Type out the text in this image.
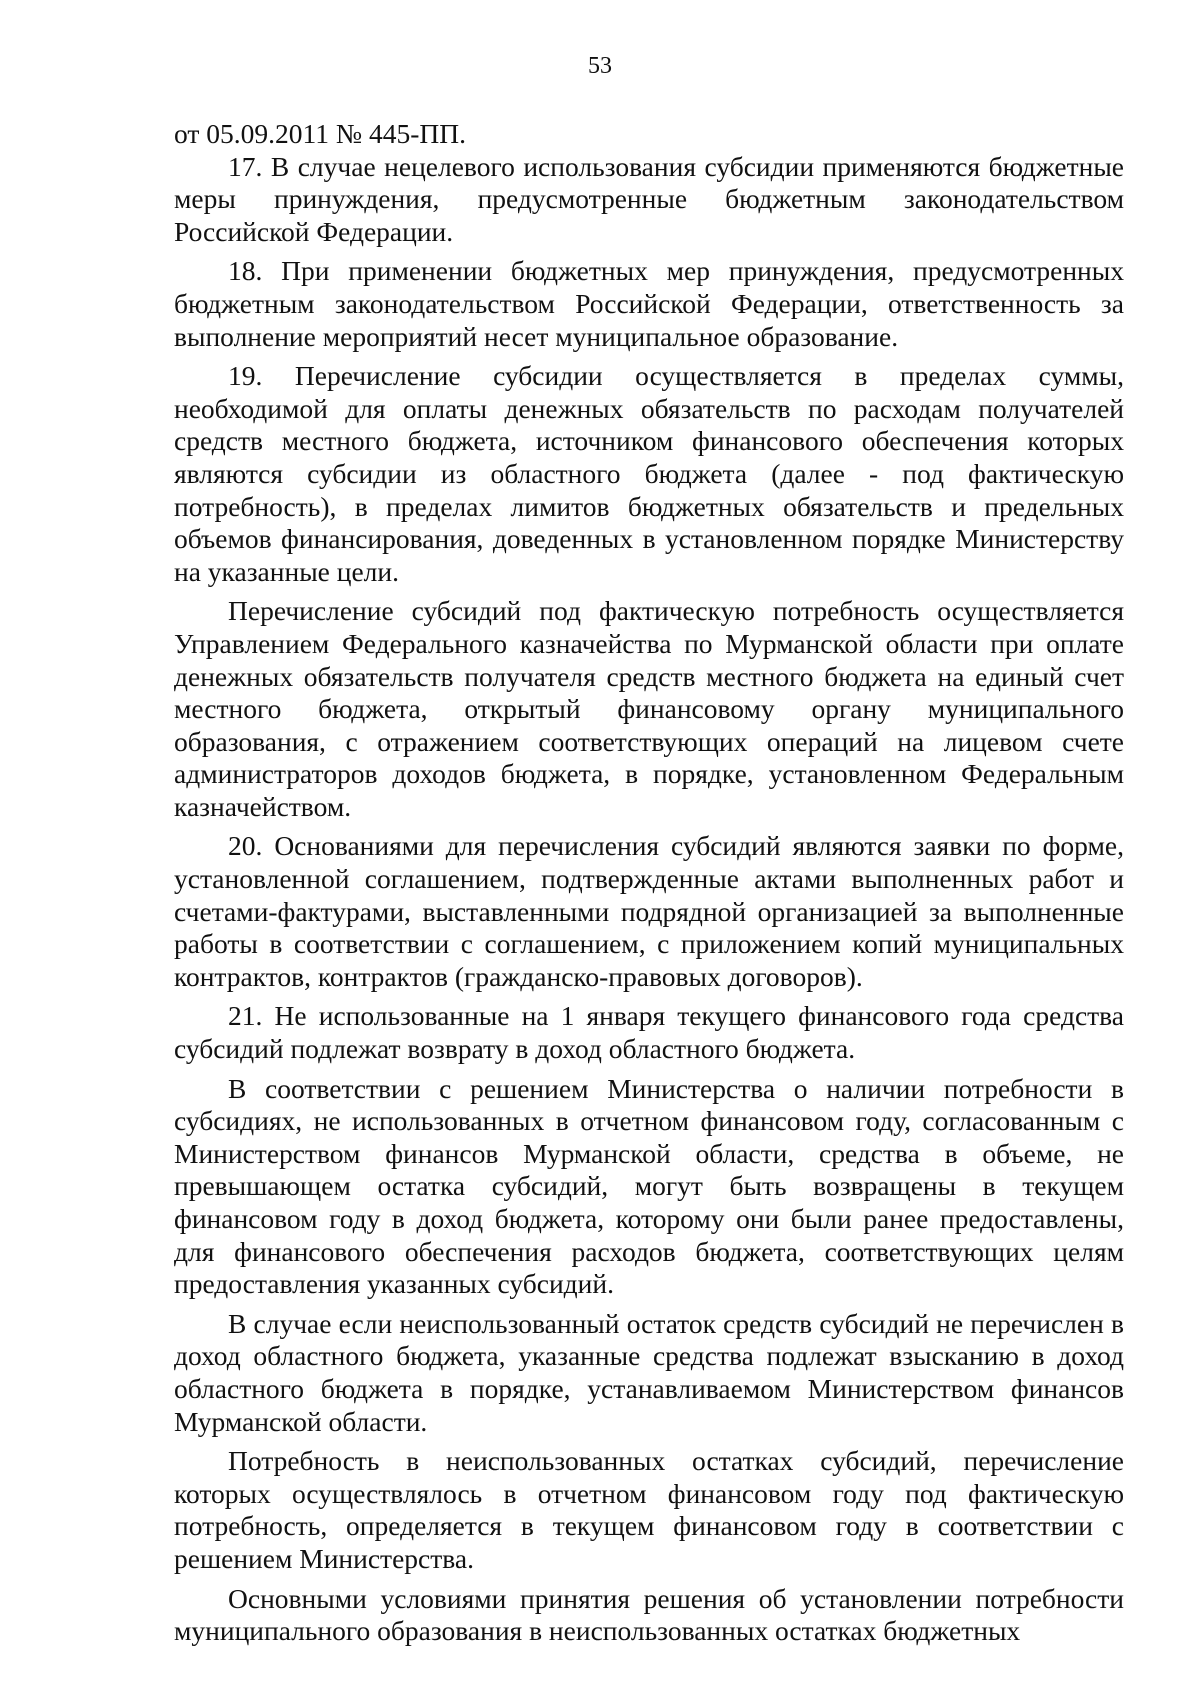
53

от 05.09.2011 № 445-ПП.

17. В случае нецелевого использования субсидии применяются бюджетные меры принуждения, предусмотренные бюджетным законодательством Российской Федерации.

18. При применении бюджетных мер принуждения, предусмотренных бюджетным законодательством Российской Федерации, ответственность за выполнение мероприятий несет муниципальное образование.

19. Перечисление субсидии осуществляется в пределах суммы, необходимой для оплаты денежных обязательств по расходам получателей средств местного бюджета, источником финансового обеспечения которых являются субсидии из областного бюджета (далее - под фактическую потребность), в пределах лимитов бюджетных обязательств и предельных объемов финансирования, доведенных в установленном порядке Министерству на указанные цели.

Перечисление субсидий под фактическую потребность осуществляется Управлением Федерального казначейства по Мурманской области при оплате денежных обязательств получателя средств местного бюджета на единый счет местного бюджета, открытый финансовому органу муниципального образования, с отражением соответствующих операций на лицевом счете администраторов доходов бюджета, в порядке, установленном Федеральным казначейством.

20. Основаниями для перечисления субсидий являются заявки по форме, установленной соглашением, подтвержденные актами выполненных работ и счетами-фактурами, выставленными подрядной организацией за выполненные работы в соответствии с соглашением, с приложением копий муниципальных контрактов, контрактов (гражданско-правовых договоров).

21. Не использованные на 1 января текущего финансового года средства субсидий подлежат возврату в доход областного бюджета.

В соответствии с решением Министерства о наличии потребности в субсидиях, не использованных в отчетном финансовом году, согласованным с Министерством финансов Мурманской области, средства в объеме, не превышающем остатка субсидий, могут быть возвращены в текущем финансовом году в доход бюджета, которому они были ранее предоставлены, для финансового обеспечения расходов бюджета, соответствующих целям предоставления указанных субсидий.

В случае если неиспользованный остаток средств субсидий не перечислен в доход областного бюджета, указанные средства подлежат взысканию в доход областного бюджета в порядке, устанавливаемом Министерством финансов Мурманской области.

Потребность в неиспользованных остатках субсидий, перечисление которых осуществлялось в отчетном финансовом году под фактическую потребность, определяется в текущем финансовом году в соответствии с решением Министерства.

Основными условиями принятия решения об установлении потребности муниципального образования в неиспользованных остатках бюджетных
